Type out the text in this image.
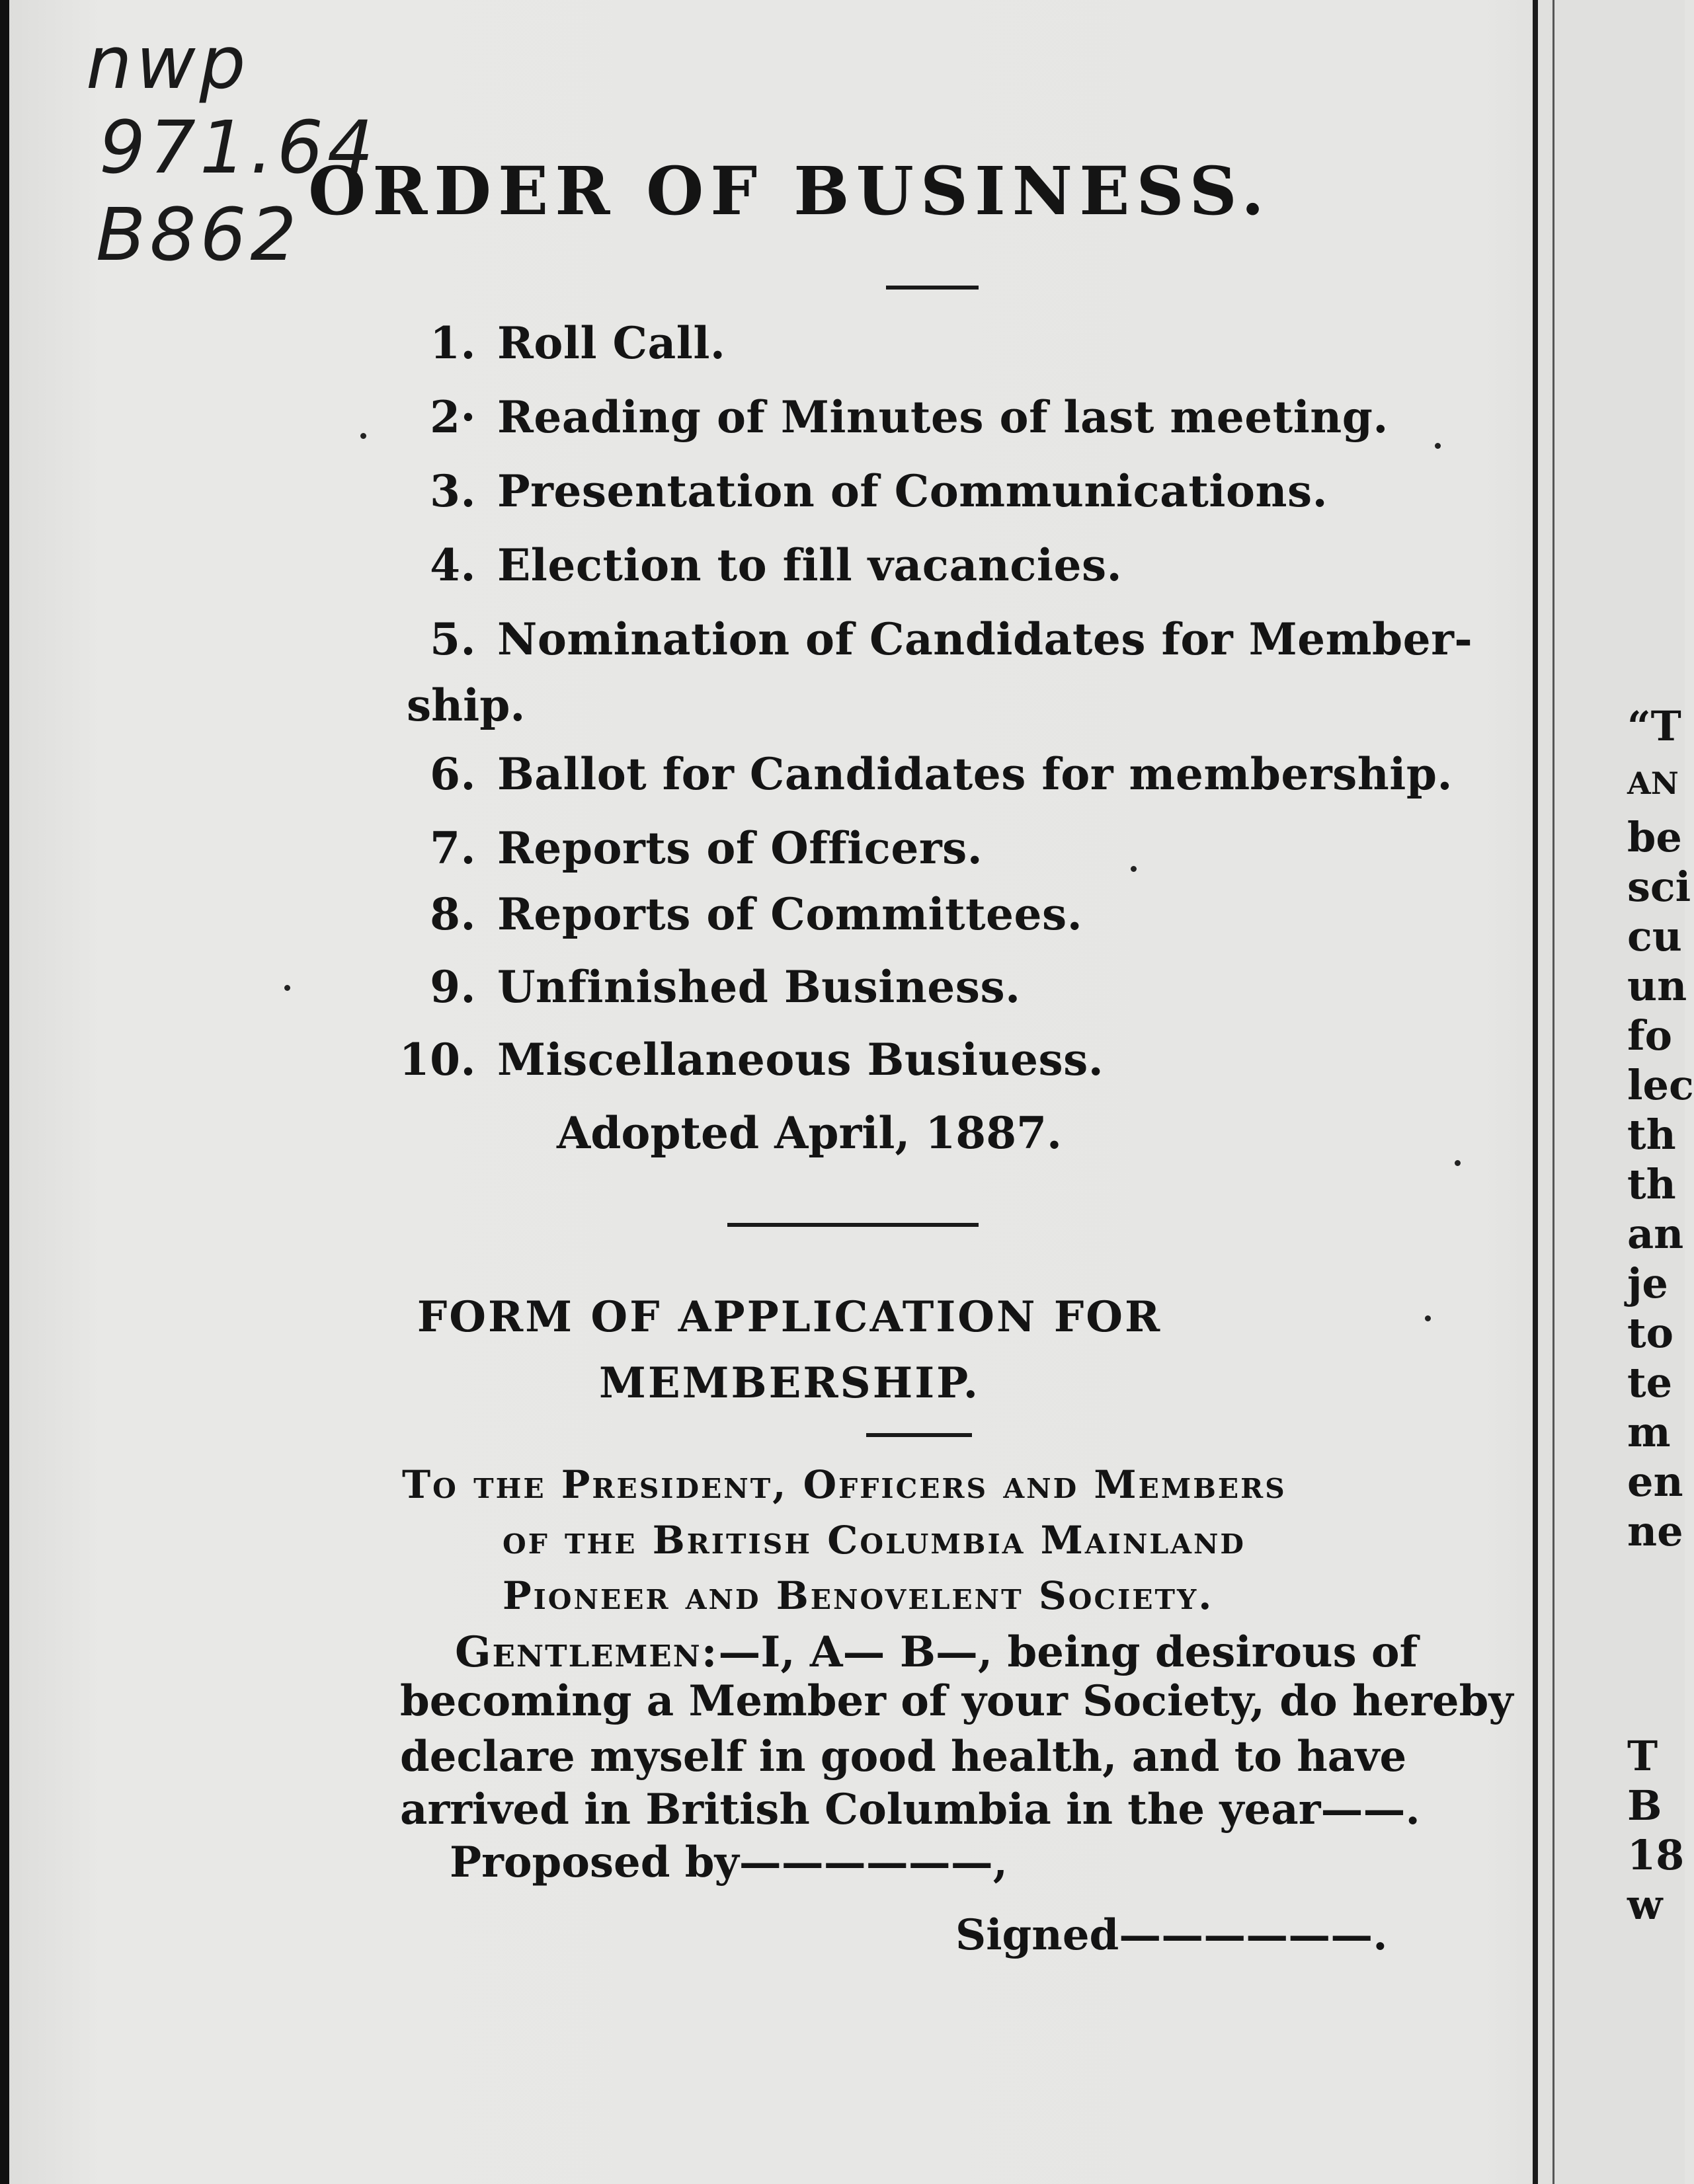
nwp
971.64
B862
ORDER OF BUSINESS.
1. Roll Call.
2· Reading of Minutes of last meeting.
3. Presentation of Communications.
4. Election to fill vacancies.
5. Nomination of Candidates for Member-
ship.
6. Ballot for Candidates for membership.
7. Reports of Officers.
8. Reports of Committees.
9. Unfinished Business.
10. Miscellaneous Busiuess.
Adopted April, 1887.
FORM OF APPLICATION FOR
MEMBERSHIP.
To the President, Officers and Members
of the British Columbia Mainland
Pioneer and Benovelent Society.
Gentlemen:—I, A— B—, being desirous of
becoming a Member of your Society, do hereby
declare myself in good health, and to have
arrived in British Columbia in the year——.
Proposed by——————,
Signed——————.
“T
AN
be
sci
cu
un
fo
lec
th
th
an
je
to
te
m
en
ne
T
B
18
w
